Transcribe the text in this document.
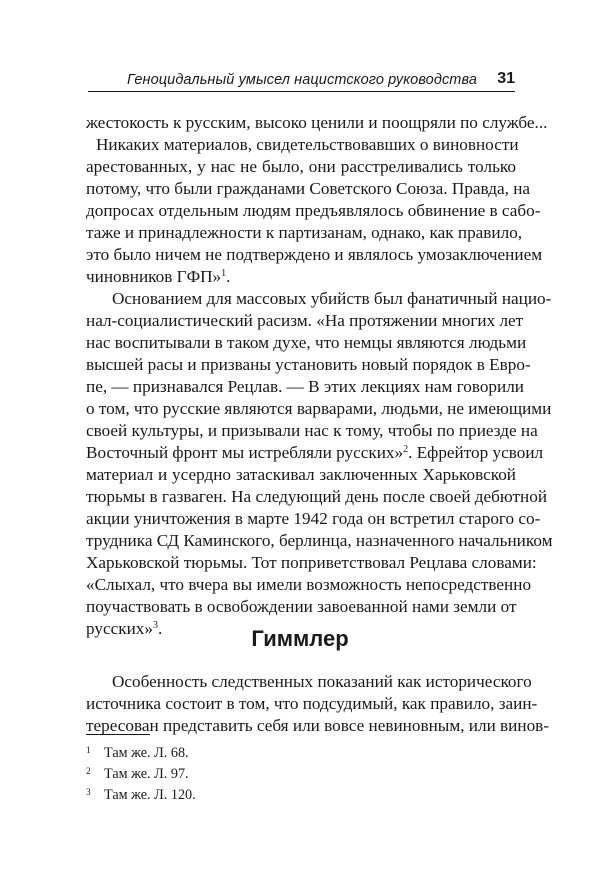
Геноцидальный умысел нацистского руководства 31
жестокость к русским, высоко ценили и поощряли по службе...
Никаких материалов, свидетельствовавших о виновности
арестованных, у нас не было, они расстреливались только
потому, что были гражданами Советского Союза. Правда, на
допросах отдельным людям предъявлялось обвинение в сабо-
таже и принадлежности к партизанам, однако, как правило,
это было ничем не подтверждено и являлось умозаключением
чиновников ГФП»$^1$.
Основанием для массовых убийств был фанатичный нацио-
нал-социалистический расизм. «На протяжении многих лет
нас воспитывали в таком духе, что немцы являются людьми
высшей расы и призваны установить новый порядок в Евро-
пе, — признавался Рецлав. — В этих лекциях нам говорили
о том, что русские являются варварами, людьми, не имеющими
своей культуры, и призывали нас к тому, чтобы по приезде на
Восточный фронт мы истребляли русских»$^2$. Ефрейтор усвоил
материал и усердно затаскивал заключенных Харьковской
тюрьмы в газваген. На следующий день после своей дебютной
акции уничтожения в марте 1942 года он встретил старого со-
трудника СД Каминского, берлинца, назначенного начальником
Харьковской тюрьмы. Тот поприветствовал Рецлава словами:
«Слыхал, что вчера вы имели возможность непосредственно
поучаствовать в освобождении завоеванной нами земли от
русских»$^3$.	Гиммлер
Особенность следственных показаний как исторического
источника состоит в том, что подсудимый, как правило, заин-
тересован представить себя или вовсе невиновным, или винов-
1 Там же. Л. 68.
2 Там же. Л. 97.
3 Там же. Л. 120.
